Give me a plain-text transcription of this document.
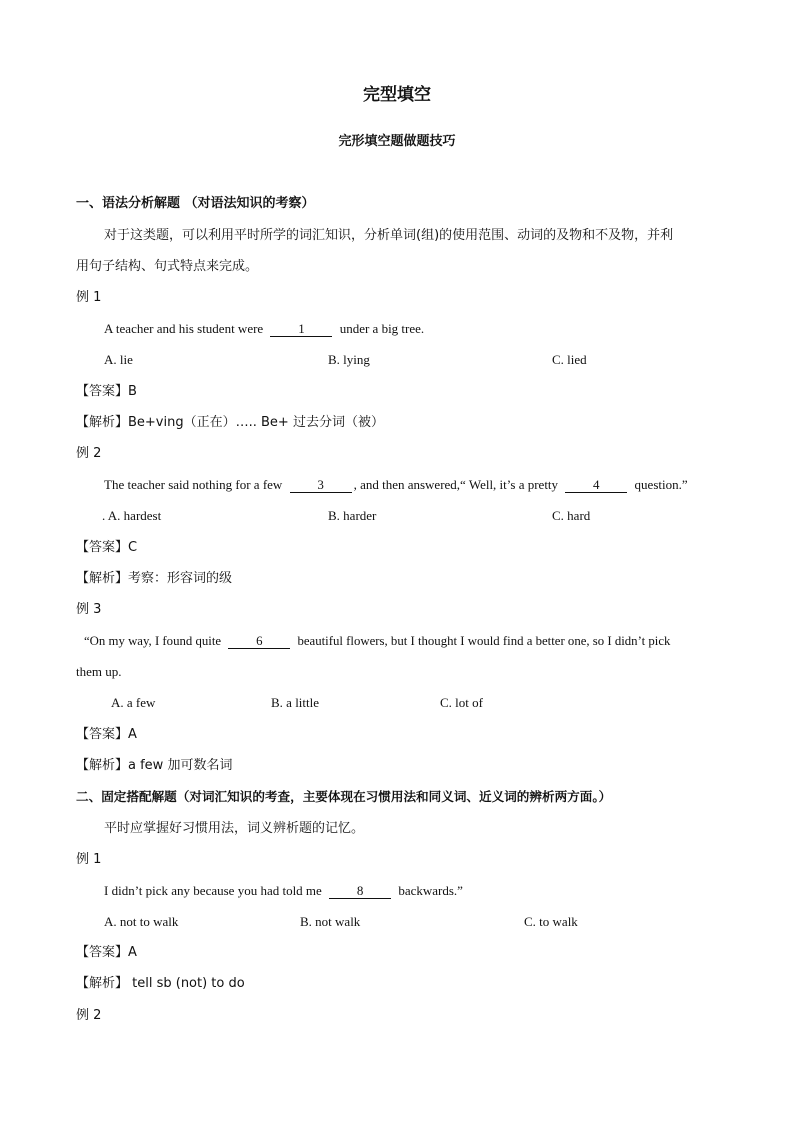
完型填空
完形填空题做题技巧
一、语法分析解题 （对语法知识的考察）
对于这类题，可以利用平时所学的词汇知识，分析单词(组)的使用范围、动词的及物和不及物，并利
用句子结构、句式特点来完成。
例 1
A teacher and his student were	1	under a big tree.
A. lie	B. lying	C. lied
【答案】B
【解析】Be+ving（正在）….. Be+ 过去分词（被）
例 2
The teacher said nothing for a few	3 , and then answered,“ Well, it’s a pretty	4	question.”
. A. hardest	B. harder	C. hard
【答案】C
【解析】考察：形容词的级
例 3
“On my way, I found quite	6	beautiful flowers, but I thought I would find a better one, so I didn’t pick
them up.
A. a few	B. a little	C. lot of
【答案】A
【解析】a few 加可数名词
二、固定搭配解题（对词汇知识的考查，主要体现在习惯用法和同义词、近义词的辨析两方面。）
平时应掌握好习惯用法，词义辨析题的记忆。
例 1
I didn’t pick any because you had told me	8	backwards.”
A. not to walk	B. not walk	C. to walk
【答案】A
【解析】 tell sb (not) to do
例 2
